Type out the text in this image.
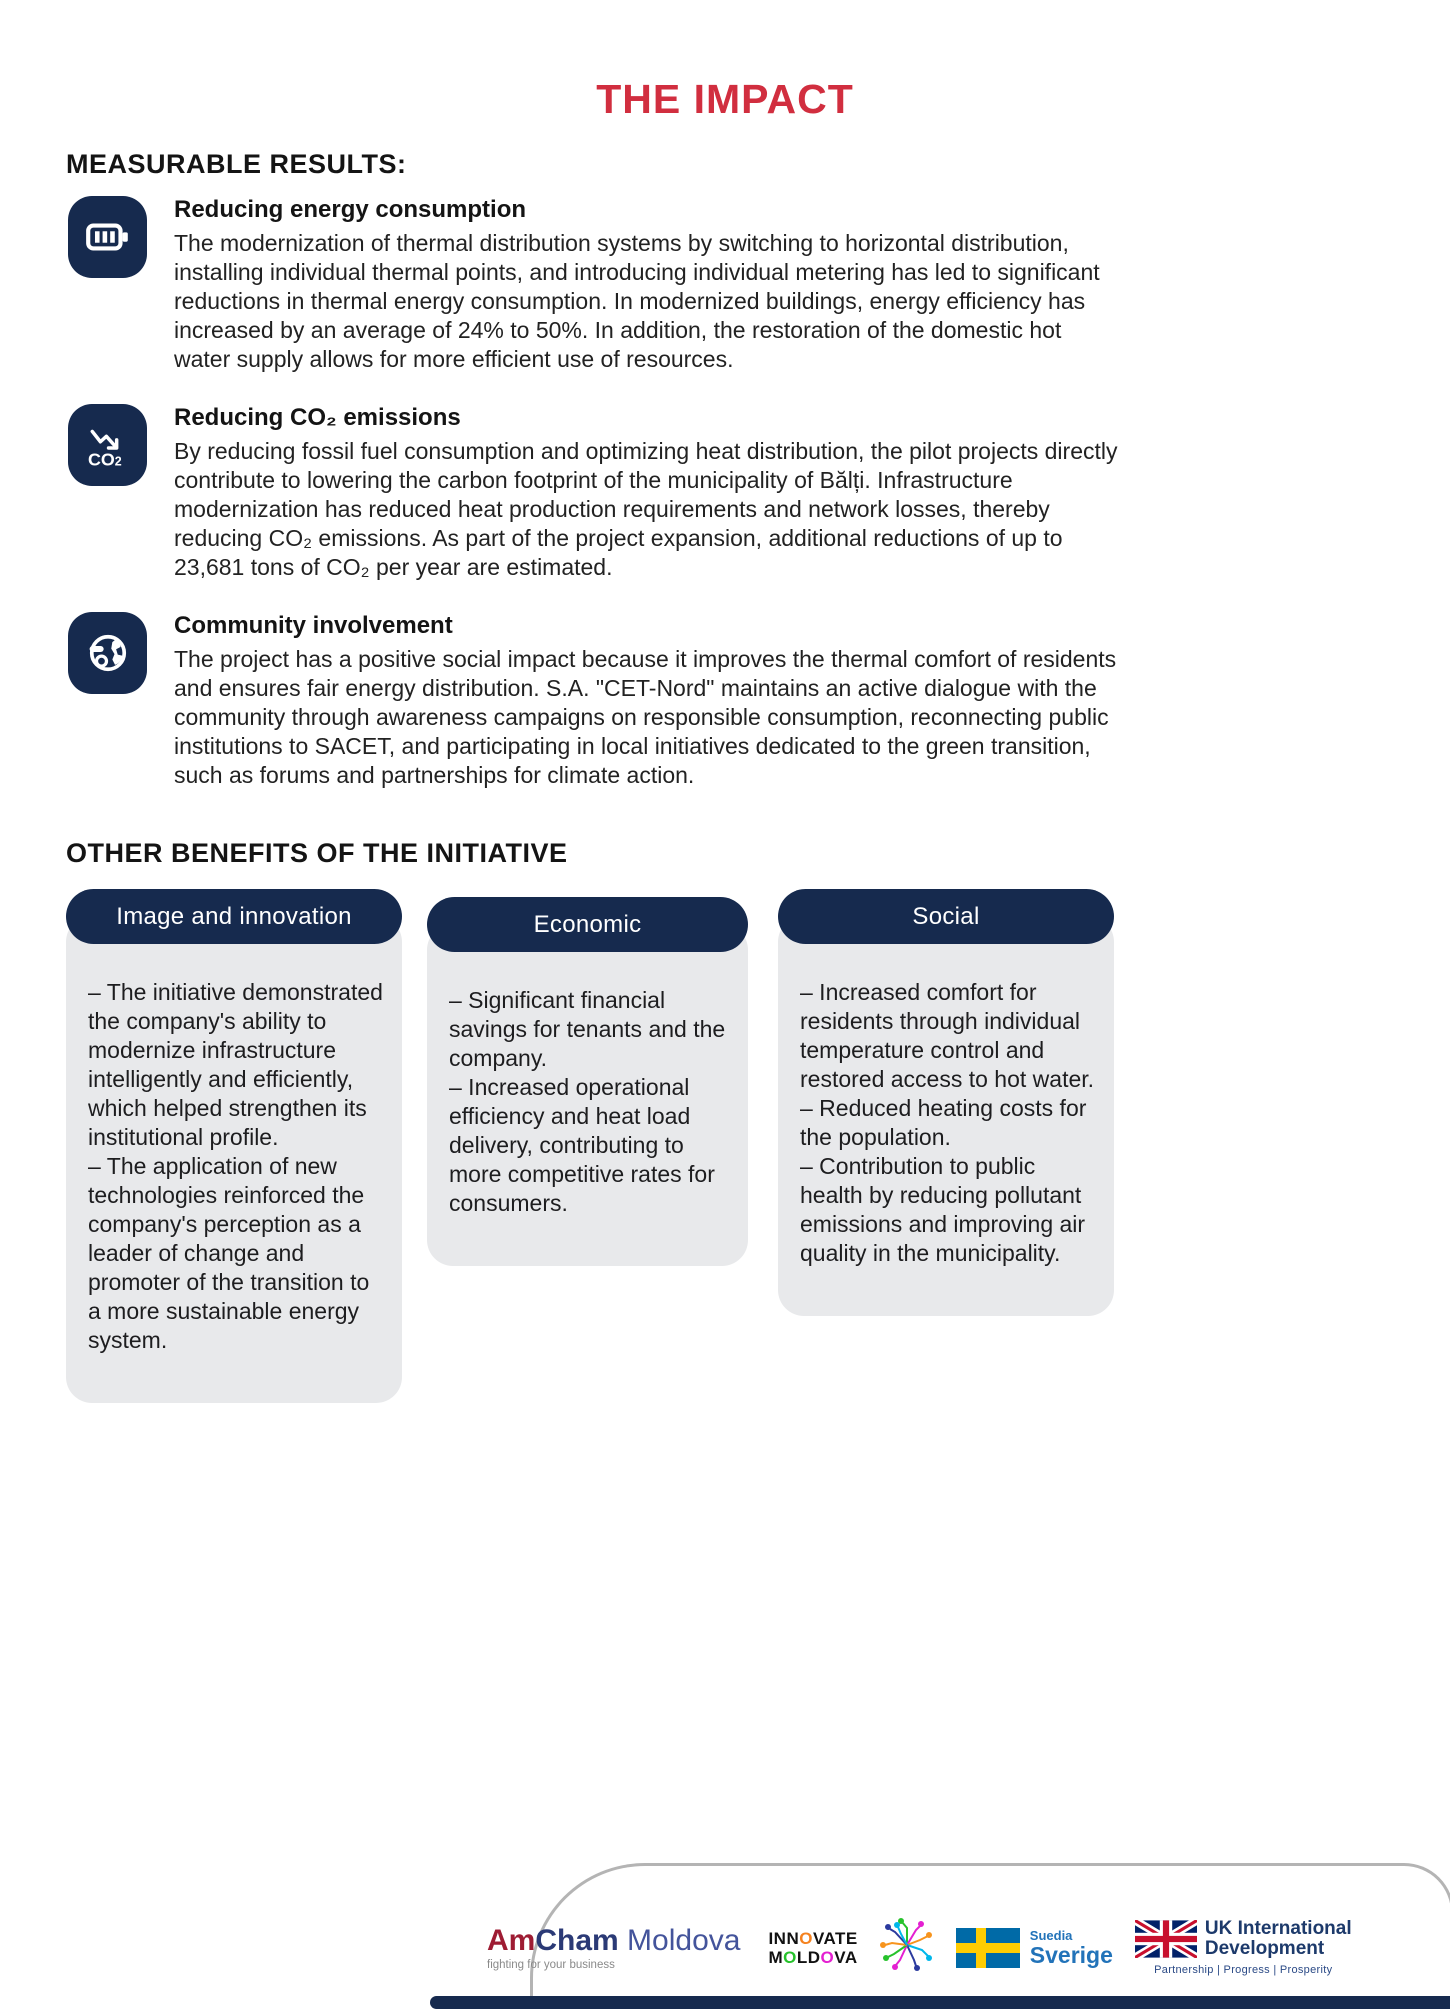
THE IMPACT
MEASURABLE RESULTS:
Reducing energy consumption
The modernization of thermal distribution systems by switching to horizontal distribution, installing individual thermal points, and introducing individual metering has led to significant reductions in thermal energy consumption. In modernized buildings, energy efficiency has increased by an average of 24% to 50%. In addition, the restoration of the domestic hot water supply allows for more efficient use of resources.
CO2
Reducing CO₂ emissions
By reducing fossil fuel consumption and optimizing heat distribution, the pilot projects directly contribute to lowering the carbon footprint of the municipality of Bălți. Infrastructure modernization has reduced heat production requirements and network losses, thereby reducing CO₂ emissions. As part of the project expansion, additional reductions of up to 23,681 tons of CO₂ per year are estimated.
Community involvement
The project has a positive social impact because it improves the thermal comfort of residents and ensures fair energy distribution. S.A. "CET-Nord" maintains an active dialogue with the community through awareness campaigns on responsible consumption, reconnecting public institutions to SACET, and participating in local initiatives dedicated to the green transition, such as forums and partnerships for climate action.
OTHER BENEFITS OF THE INITIATIVE
Image and innovation

– The initiative demonstrated the company's ability to modernize infrastructure intelligently and efficiently, which helped strengthen its institutional profile.

– The application of new technologies reinforced the company's perception as a leader of change and promoter of the transition to a more sustainable energy system.

Economic

– Significant financial savings for tenants and the company.

– Increased operational efficiency and heat load delivery, contributing to more competitive rates for consumers.

Social

– Increased comfort for residents through individual temperature control and restored access to hot water.

– Reduced heating costs for the population.

– Contribution to public health by reducing pollutant emissions and improving air quality in the municipality.

AmCham Moldova
fighting for your business
INNOVATE
MOLDOVA
Suedia
Sverige
UK International
Development
Partnership | Progress | Prosperity
